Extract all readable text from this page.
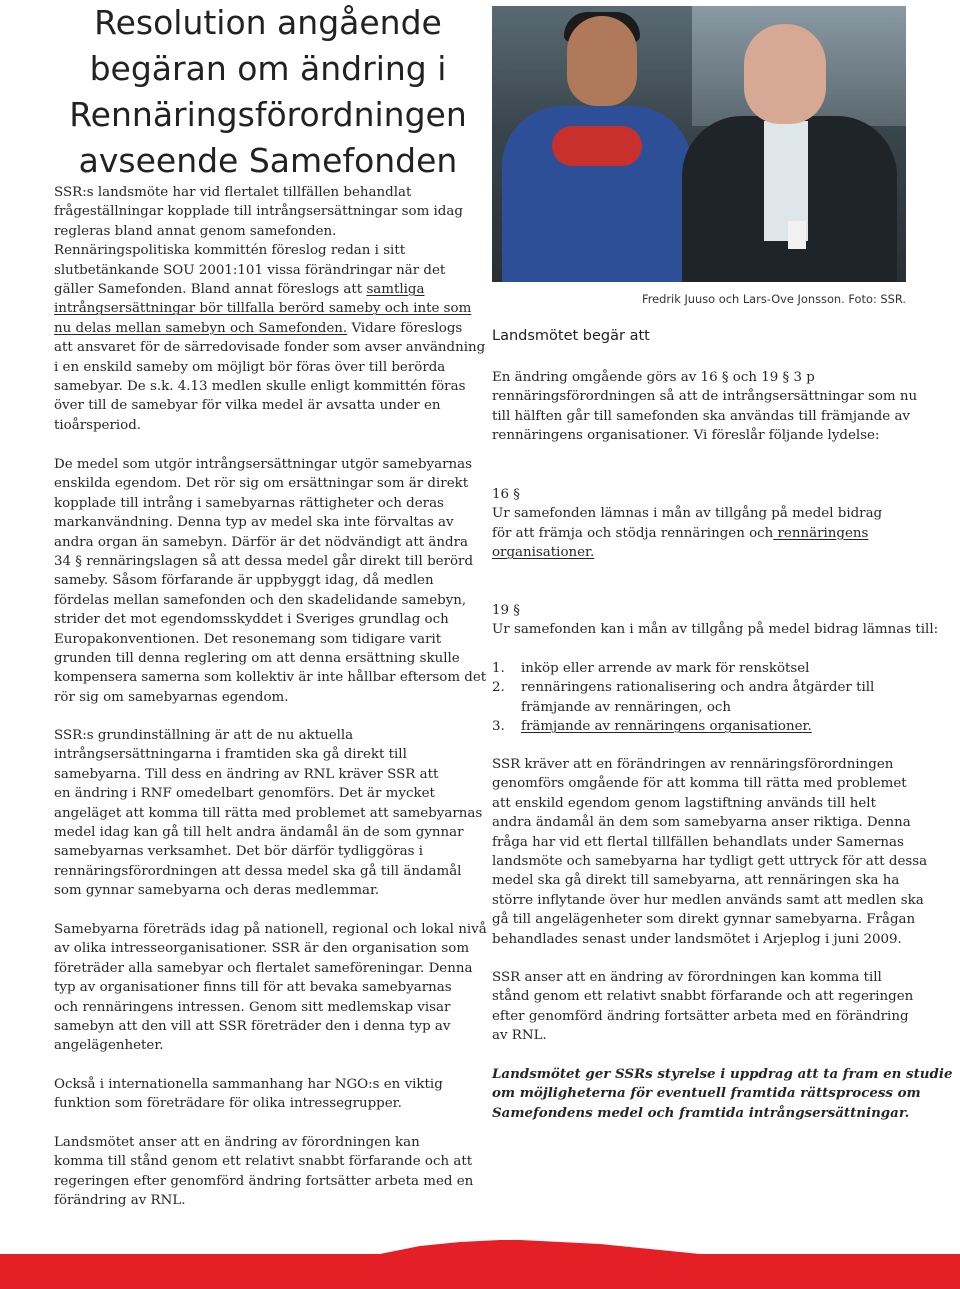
Resolution angående
begäran om ändring i
Rennäringsförordningen
avseende Samefonden

SSR:s landsmöte har vid flertalet tillfällen behandlat
frågeställningar kopplade till intrångsersättningar som idag
regleras bland annat genom samefonden.
Rennäringspolitiska kommittén föreslog redan i sitt
slutbetänkande SOU 2001:101 vissa förändringar när det
gäller Samefonden. Bland annat föreslogs att samtliga
intrångsersättningar bör tillfalla berörd sameby och inte som
nu delas mellan samebyn och Samefonden. Vidare föreslogs
att ansvaret för de särredovisade fonder som avser användning
i en enskild sameby om möjligt bör föras över till berörda
samebyar. De s.k. 4.13 medlen skulle enligt kommittén föras
över till de samebyar för vilka medel är avsatta under en
tioårsperiod.

De medel som utgör intrångsersättningar utgör samebyarnas
enskilda egendom. Det rör sig om ersättningar som är direkt
kopplade till intrång i samebyarnas rättigheter och deras
markanvändning. Denna typ av medel ska inte förvaltas av
andra organ än samebyn. Därför är det nödvändigt att ändra
34 § rennäringslagen så att dessa medel går direkt till berörd
sameby. Såsom förfarande är uppbyggt idag, då medlen
fördelas mellan samefonden och den skadelidande samebyn,
strider det mot egendomsskyddet i Sveriges grundlag och
Europakonventionen. Det resonemang som tidigare varit
grunden till denna reglering om att denna ersättning skulle
kompensera samerna som kollektiv är inte hållbar eftersom det
rör sig om samebyarnas egendom.

SSR:s grundinställning är att de nu aktuella
intrångsersättningarna i framtiden ska gå direkt till
samebyarna. Till dess en ändring av RNL kräver SSR att
en ändring i RNF omedelbart genomförs. Det är mycket
angeläget att komma till rätta med problemet att samebyarnas
medel idag kan gå till helt andra ändamål än de som gynnar
samebyarnas verksamhet. Det bör därför tydliggöras i
rennäringsförordningen att dessa medel ska gå till ändamål
som gynnar samebyarna och deras medlemmar.

Samebyarna företräds idag på nationell, regional och lokal nivå
av olika intresseorganisationer. SSR är den organisation som
företräder alla samebyar och flertalet sameföreningar. Denna
typ av organisationer finns till för att bevaka samebyarnas
och rennäringens intressen. Genom sitt medlemskap visar
samebyn att den vill att SSR företräder den i denna typ av
angelägenheter.

Också i internationella sammanhang har NGO:s en viktig
funktion som företrädare för olika intressegrupper.

Landsmötet anser att en ändring av förordningen kan
komma till stånd genom ett relativt snabbt förfarande och att
regeringen efter genomförd ändring fortsätter arbeta med en
förändring av RNL.

Fredrik Juuso och Lars-Ove Jonsson. Foto: SSR.
Landsmötet begär att

En ändring omgående görs av 16 § och 19 § 3 p
rennäringsförordningen så att de intrångsersättningar som nu
till hälften går till samefonden ska användas till främjande av
rennäringens organisationer. Vi föreslår följande lydelse:

16 §
Ur samefonden lämnas i mån av tillgång på medel bidrag
för att främja och stödja rennäringen och rennäringens
organisationer.

19 §
Ur samefonden kan i mån av tillgång på medel bidrag lämnas till:

1. inköp eller arrende av mark för renskötsel
2. rennäringens rationalisering och andra åtgärder till
främjande av rennäringen, och
3. främjande av rennäringens organisationer.

SSR kräver att en förändringen av rennäringsförordningen
genomförs omgående för att komma till rätta med problemet
att enskild egendom genom lagstiftning används till helt
andra ändamål än dem som samebyarna anser riktiga. Denna
fråga har vid ett flertal tillfällen behandlats under Samernas
landsmöte och samebyarna har tydligt gett uttryck för att dessa
medel ska gå direkt till samebyarna, att rennäringen ska ha
större inflytande över hur medlen används samt att medlen ska
gå till angelägenheter som direkt gynnar samebyarna. Frågan
behandlades senast under landsmötet i Arjeplog i juni 2009.

SSR anser att en ändring av förordningen kan komma till
stånd genom ett relativt snabbt förfarande och att regeringen
efter genomförd ändring fortsätter arbeta med en förändring
av RNL.

Landsmötet ger SSRs styrelse i uppdrag att ta fram en studie
om möjligheterna för eventuell framtida rättsprocess om
Samefondens medel och framtida intrångsersättningar.
